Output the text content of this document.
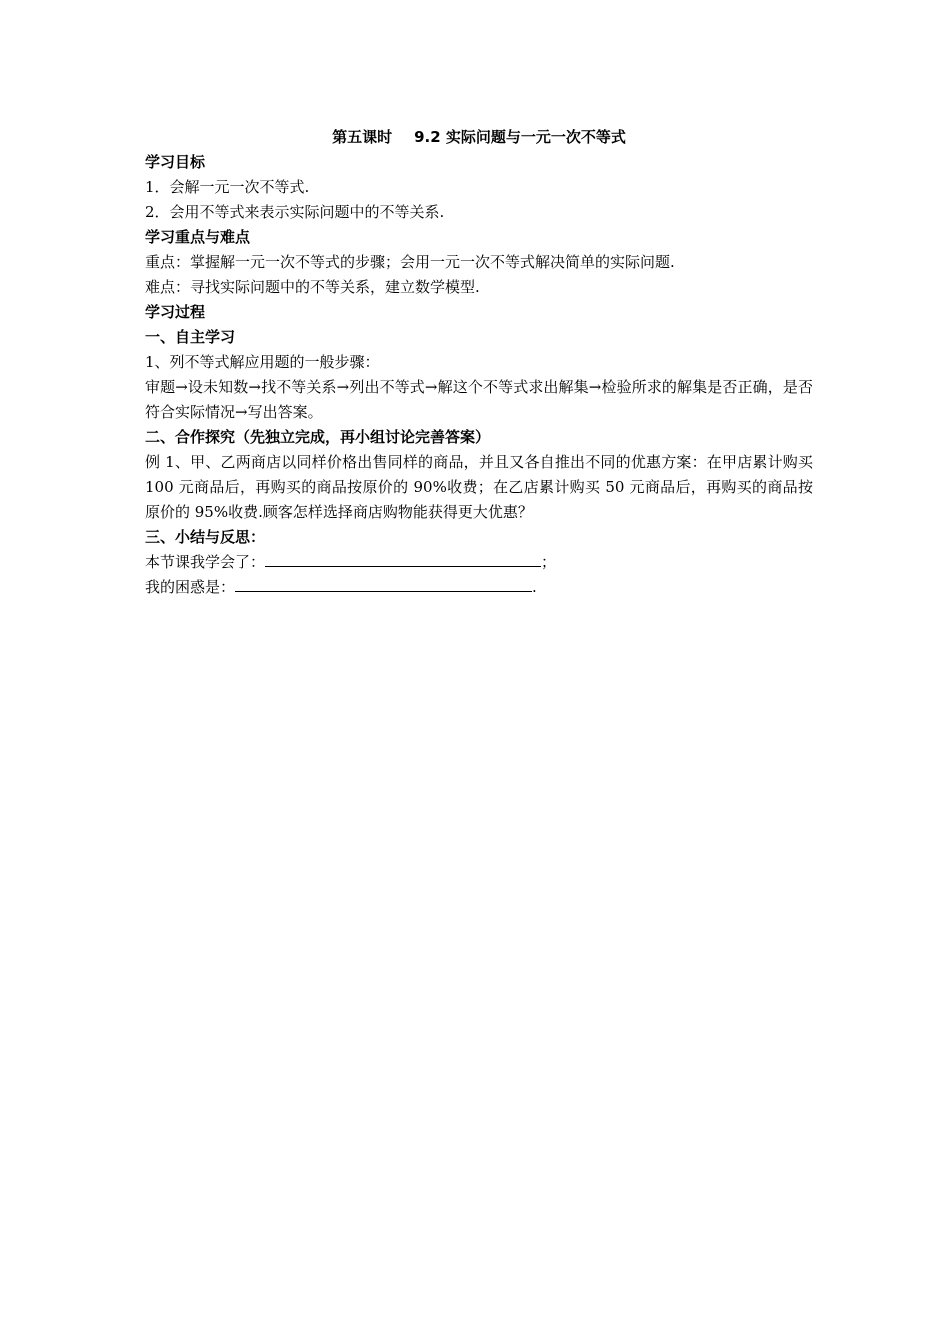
第五课时 9.2 实际问题与一元一次不等式
学习目标
1．会解一元一次不等式.
2．会用不等式来表示实际问题中的不等关系.
学习重点与难点
重点：掌握解一元一次不等式的步骤；会用一元一次不等式解决简单的实际问题.
难点：寻找实际问题中的不等关系，建立数学模型.
学习过程
一、自主学习
1、列不等式解应用题的一般步骤：
审题→设未知数→找不等关系→列出不等式→解这个不等式求出解集→检验所求的解集是否正确，是否符合实际情况→写出答案。
二、合作探究（先独立完成，再小组讨论完善答案）
例 1、甲、乙两商店以同样价格出售同样的商品，并且又各自推出不同的优惠方案：在甲店累计购买 100 元商品后，再购买的商品按原价的 90%收费；在乙店累计购买 50 元商品后，再购买的商品按原价的 95%收费.顾客怎样选择商店购物能获得更大优惠？
三、小结与反思：
本节课我学会了：	；
我的困惑是：	.
